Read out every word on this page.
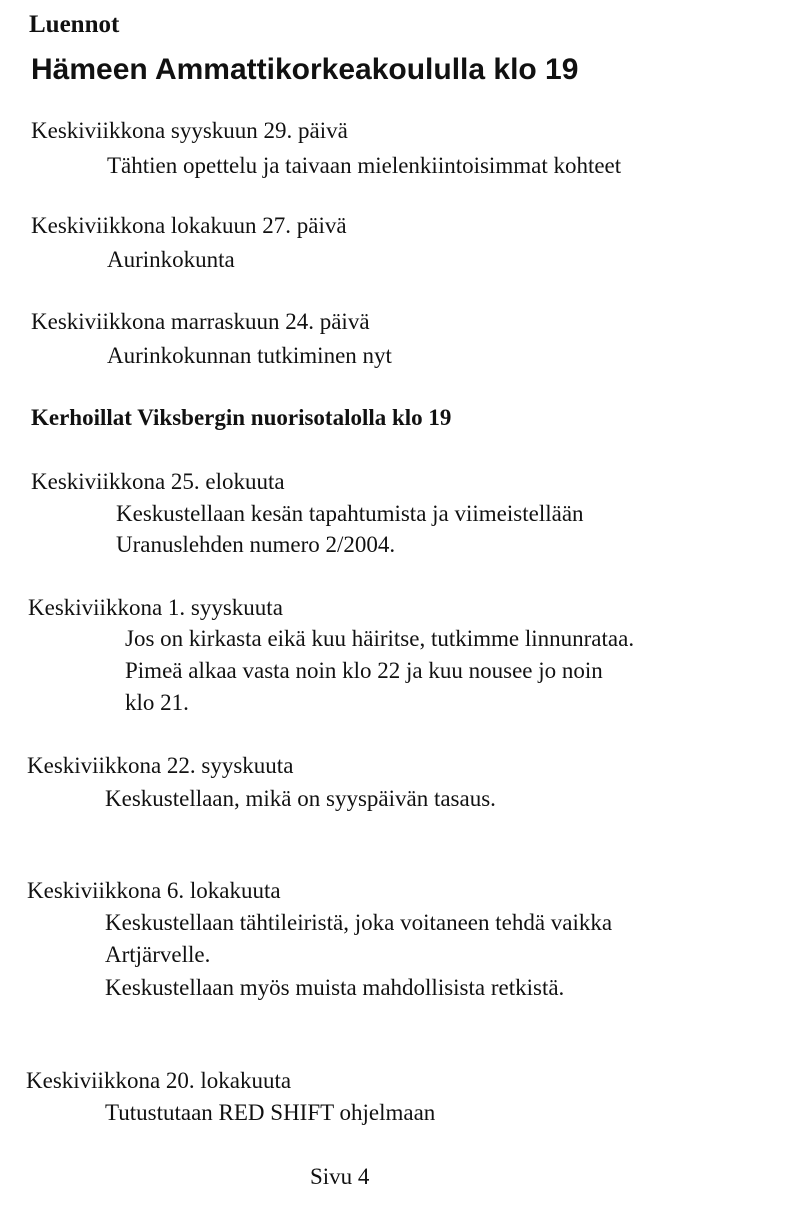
Luennot
Hämeen Ammattikorkeakoululla klo 19
Keskiviikkona syyskuun 29. päivä
Tähtien opettelu ja taivaan mielenkiintoisimmat kohteet
Keskiviikkona lokakuun 27. päivä
Aurinkokunta
Keskiviikkona marraskuun 24. päivä
Aurinkokunnan tutkiminen nyt
Kerhoillat Viksbergin nuorisotalolla klo 19
Keskiviikkona 25. elokuuta
Keskustellaan kesän tapahtumista ja viimeistellään
Uranuslehden numero 2/2004.
Keskiviikkona 1. syyskuuta
Jos on kirkasta eikä kuu häiritse, tutkimme linnunrataa.
Pimeä alkaa vasta noin klo 22 ja kuu nousee jo noin
klo 21.
Keskiviikkona 22. syyskuuta
Keskustellaan, mikä on syyspäivän tasaus.
Keskiviikkona 6. lokakuuta
Keskustellaan tähtileiristä, joka voitaneen tehdä vaikka
Artjärvelle.
Keskustellaan myös muista mahdollisista retkistä.
Keskiviikkona 20. lokakuuta
Tutustutaan RED SHIFT ohjelmaan
Sivu 4
